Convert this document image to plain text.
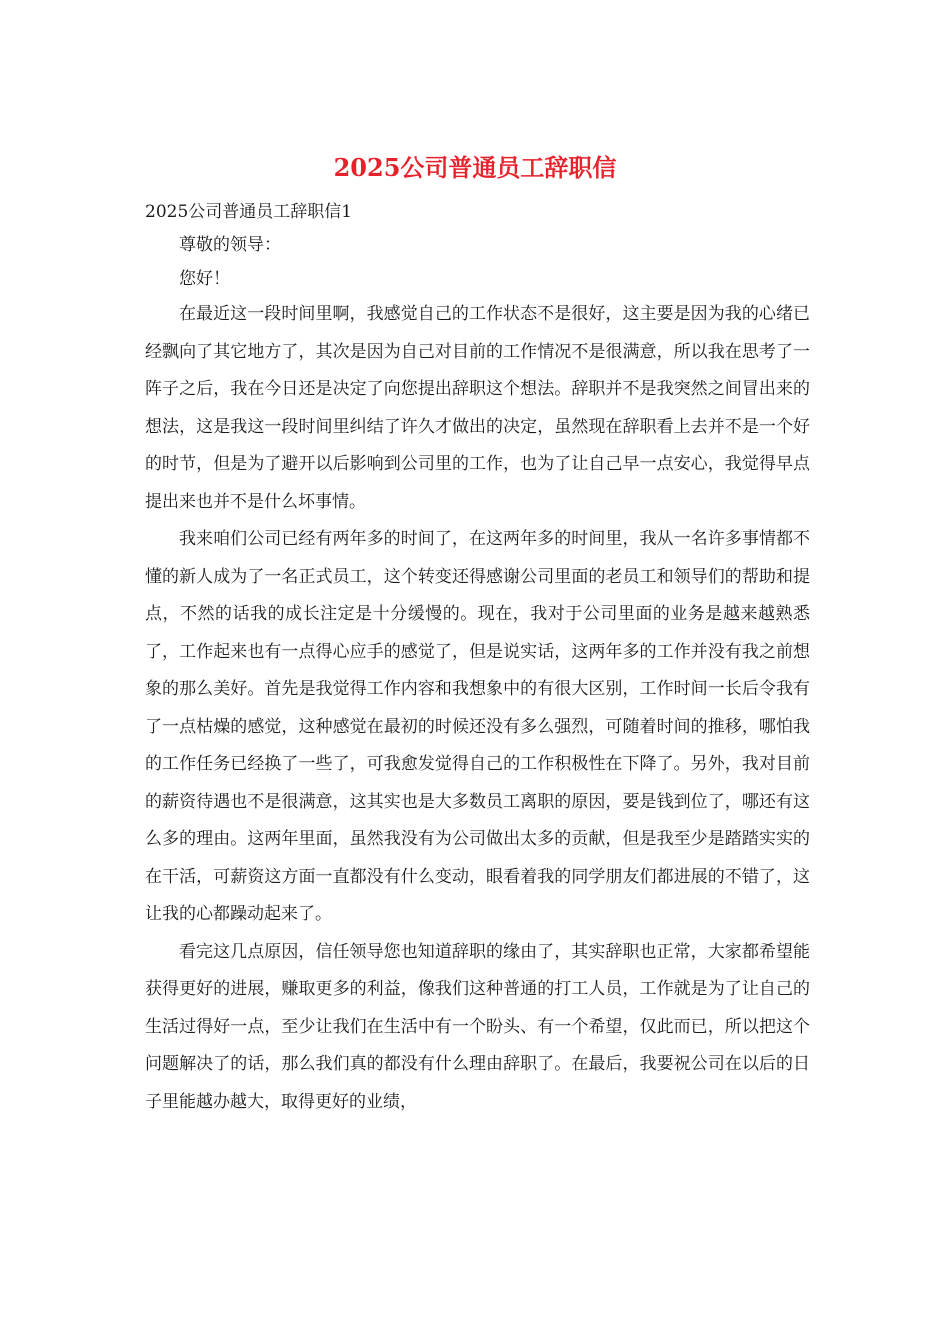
2025公司普通员工辞职信

2025公司普通员工辞职信1

尊敬的领导：

您好！

在最近这一段时间里啊，我感觉自己的工作状态不是很好，这主要是因为我的心绪已经飘向了其它地方了，其次是因为自己对目前的工作情况不是很满意，所以我在思考了一阵子之后，我在今日还是决定了向您提出辞职这个想法。辞职并不是我突然之间冒出来的想法，这是我这一段时间里纠结了许久才做出的决定，虽然现在辞职看上去并不是一个好的时节，但是为了避开以后影响到公司里的工作，也为了让自己早一点安心，我觉得早点提出来也并不是什么坏事情。

我来咱们公司已经有两年多的时间了，在这两年多的时间里，我从一名许多事情都不懂的新人成为了一名正式员工，这个转变还得感谢公司里面的老员工和领导们的帮助和提点，不然的话我的成长注定是十分缓慢的。现在，我对于公司里面的业务是越来越熟悉了，工作起来也有一点得心应手的感觉了，但是说实话，这两年多的工作并没有我之前想象的那么美好。首先是我觉得工作内容和我想象中的有很大区别，工作时间一长后令我有了一点枯燥的感觉，这种感觉在最初的时候还没有多么强烈，可随着时间的推移，哪怕我的工作任务已经换了一些了，可我愈发觉得自己的工作积极性在下降了。另外，我对目前的薪资待遇也不是很满意，这其实也是大多数员工离职的原因，要是钱到位了，哪还有这么多的理由。这两年里面，虽然我没有为公司做出太多的贡献，但是我至少是踏踏实实的在干活，可薪资这方面一直都没有什么变动，眼看着我的同学朋友们都进展的不错了，这让我的心都躁动起来了。

看完这几点原因，信任领导您也知道辞职的缘由了，其实辞职也正常，大家都希望能获得更好的进展，赚取更多的利益，像我们这种普通的打工人员，工作就是为了让自己的生活过得好一点，至少让我们在生活中有一个盼头、有一个希望，仅此而已，所以把这个问题解决了的话，那么我们真的都没有什么理由辞职了。在最后，我要祝公司在以后的日子里能越办越大，取得更好的业绩，
